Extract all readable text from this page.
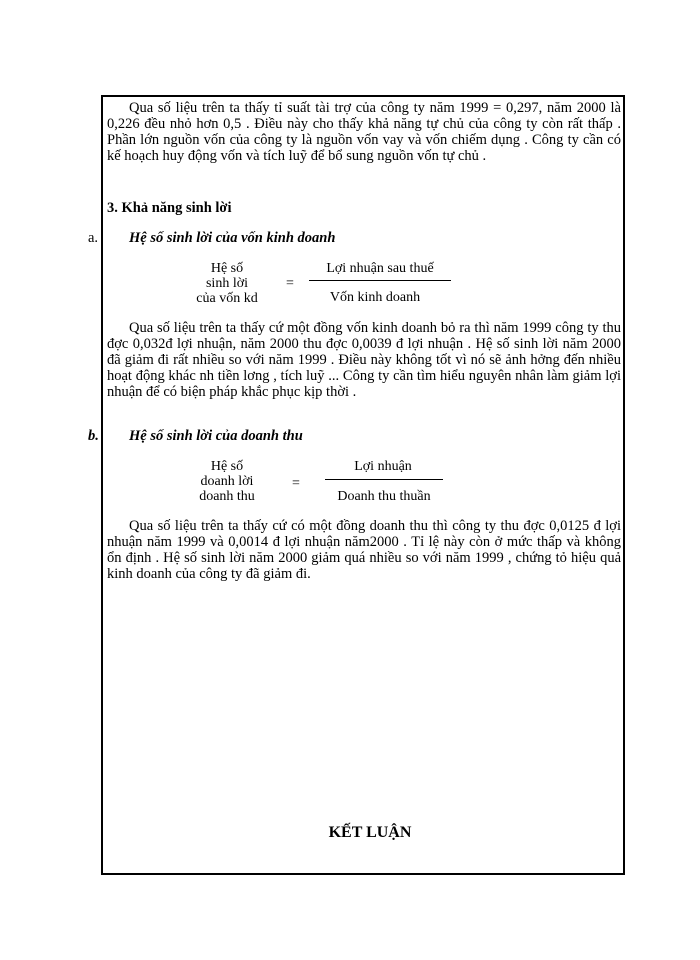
Qua số liệu trên ta thấy tỉ suất tài trợ của công ty năm 1999 = 0,297, năm 2000 là 0,226 đều nhỏ hơn 0,5 . Điều này cho thấy khả năng tự chủ của công ty còn rất thấp . Phần lớn nguồn vốn của công ty là nguồn vốn vay và vốn chiếm dụng . Công ty cần có kế hoạch huy động vốn và tích luỹ để bổ sung nguồn vốn tự chủ .

3. Khả năng sinh lời
a. Hệ số sinh lời của vốn kinh doanh
Hệ số
sinh lời
của vốn kd
=
Lợi nhuận sau thuế
Vốn kinh doanh

Qua số liệu trên ta thấy cứ một đồng vốn kinh doanh bỏ ra thì năm 1999 công ty thu đợc 0,032đ lợi nhuận, năm 2000 thu đợc 0,0039 đ lợi nhuận . Hệ số sinh lời năm 2000 đã giảm đi rất nhiều so với năm 1999 . Điều này không tốt vì nó sẽ ảnh hởng đến nhiều hoạt động khác nh tiền lơng , tích luỹ ... Công ty cần tìm hiểu nguyên nhân làm giảm lợi nhuận để có biện pháp khắc phục kịp thời .

b. Hệ số sinh lời của doanh thu
Hệ số
doanh lời
doanh thu
=
Lợi nhuận
Doanh thu thuần

Qua số liệu trên ta thấy cứ có một đồng doanh thu thì công ty thu đợc 0,0125 đ lợi nhuận năm 1999 và 0,0014 đ lợi nhuận năm2000 . Tỉ lệ này còn ở mức thấp và không ổn định . Hệ số sinh lời năm 2000 giảm quá nhiều so với năm 1999 , chứng tỏ hiệu quả kinh doanh của công ty đã giảm đi.

KẾT LUẬN
